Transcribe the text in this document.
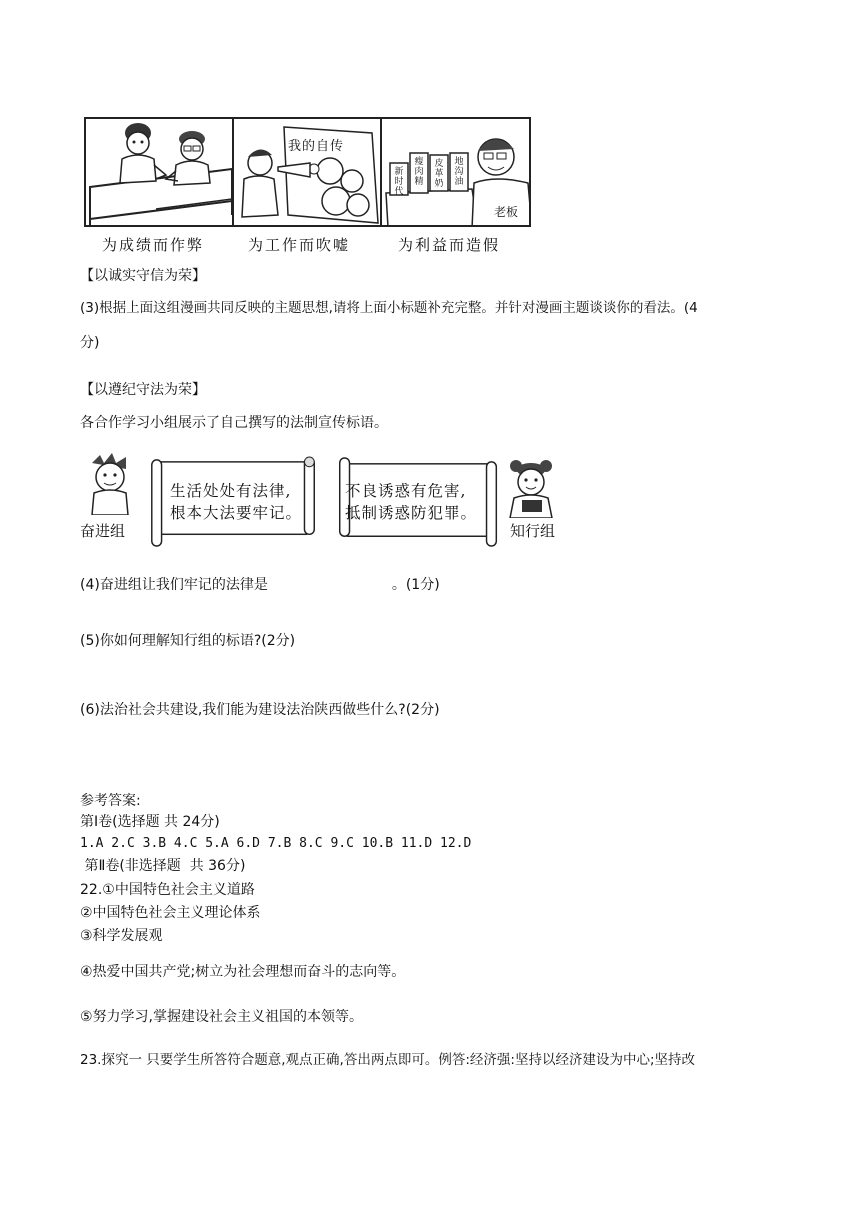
我的自传
新时代
瘦肉精
皮革奶
地沟油
老板
为成绩而作弊	为工作而吹嘘	为利益而造假
【以诚实守信为荣】
(3)根据上面这组漫画共同反映的主题思想,请将上面小标题补充完整。并针对漫画主题谈谈你的看法。(4
分)
【以遵纪守法为荣】
各合作学习小组展示了自己撰写的法制宣传标语。
奋进组
生活处处有法律,
根本大法要牢记。
不良诱惑有危害,
抵制诱惑防犯罪。
知行组
(4)奋进组让我们牢记的法律是	。(1分)
(5)你如何理解知行组的标语?(2分)
(6)法治社会共建设,我们能为建设法治陕西做些什么?(2分)
参考答案:
第Ⅰ卷(选择题 共 24分)
1.A 2.C 3.B 4.C 5.A 6.D 7.B 8.C 9.C 10.B 11.D 12.D
第Ⅱ卷(非选择题  共 36分)
22.①中国特色社会主义道路
②中国特色社会主义理论体系
③科学发展观
④热爱中国共产党;树立为社会理想而奋斗的志向等。
⑤努力学习,掌握建设社会主义祖国的本领等。
23.探究一 只要学生所答符合题意,观点正确,答出两点即可。例答:经济强:坚持以经济建设为中心;坚持改
